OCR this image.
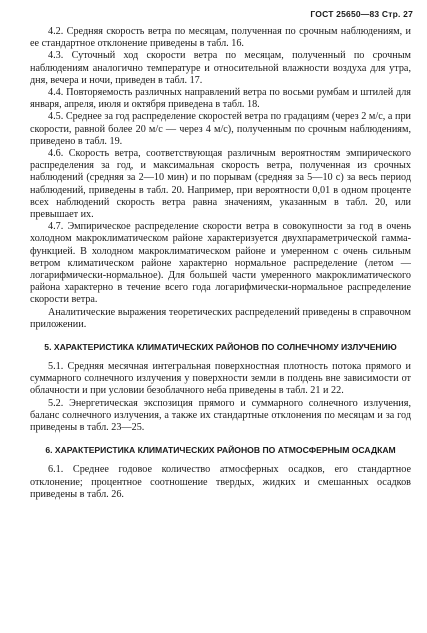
ГОСТ 25650—83 Стр. 27

4.2. Средняя скорость ветра по месяцам, полученная по срочным наблюдениям, и ее стандартное отклонение приведены в табл. 16.

4.3. Суточный ход скорости ветра по месяцам, полученный по срочным наблюдениям аналогично температуре и относительной влажности воздуха для утра, дня, вечера и ночи, приведен в табл. 17.

4.4. Повторяемость различных направлений ветра по восьми румбам и штилей для января, апреля, июля и октября приведена в табл. 18.

4.5. Среднее за год распределение скоростей ветра по градациям (через 2 м/с, а при скорости, равной более 20 м/с — через 4 м/с), полученным по срочным наблюдениям, приведено в табл. 19.

4.6. Скорость ветра, соответствующая различным вероятностям эмпирического распределения за год, и максимальная скорость ветра, полученная из срочных наблюдений (средняя за 2—10 мин) и по порывам (средняя за 5—10 с) за весь период наблюдений, приведены в табл. 20. Например, при вероятности 0,01 в одном проценте всех наблюдений скорость ветра равна значениям, указанным в табл. 20, или превышает их.

4.7. Эмпирическое распределение скорости ветра в совокупности за год в очень холодном макроклиматическом районе характеризуется двухпараметрической гамма-функцией. В холодном макроклиматическом районе и умеренном с очень сильным ветром климатическом районе характерно нормальное распределение (летом — логарифмически-нормальное). Для большей части умеренного макроклиматического района характерно в течение всего года логарифмически-нормальное распределение скорости ветра.

Аналитические выражения теоретических распределений приведены в справочном приложении.

5. ХАРАКТЕРИСТИКА КЛИМАТИЧЕСКИХ РАЙОНОВ ПО СОЛНЕЧНОМУ ИЗЛУЧЕНИЮ

5.1. Средняя месячная интегральная поверхностная плотность потока прямого и суммарного солнечного излучения у поверхности земли в полдень вне зависимости от облачности и при условии безоблачного неба приведены в табл. 21 и 22.

5.2. Энергетическая экспозиция прямого и суммарного солнечного излучения, баланс солнечного излучения, а также их стандартные отклонения по месяцам и за год приведены в табл. 23—25.

6. ХАРАКТЕРИСТИКА КЛИМАТИЧЕСКИХ РАЙОНОВ ПО АТМОСФЕРНЫМ ОСАДКАМ

6.1. Среднее годовое количество атмосферных осадков, его стандартное отклонение; процентное соотношение твердых, жидких и смешанных осадков приведены в табл. 26.
